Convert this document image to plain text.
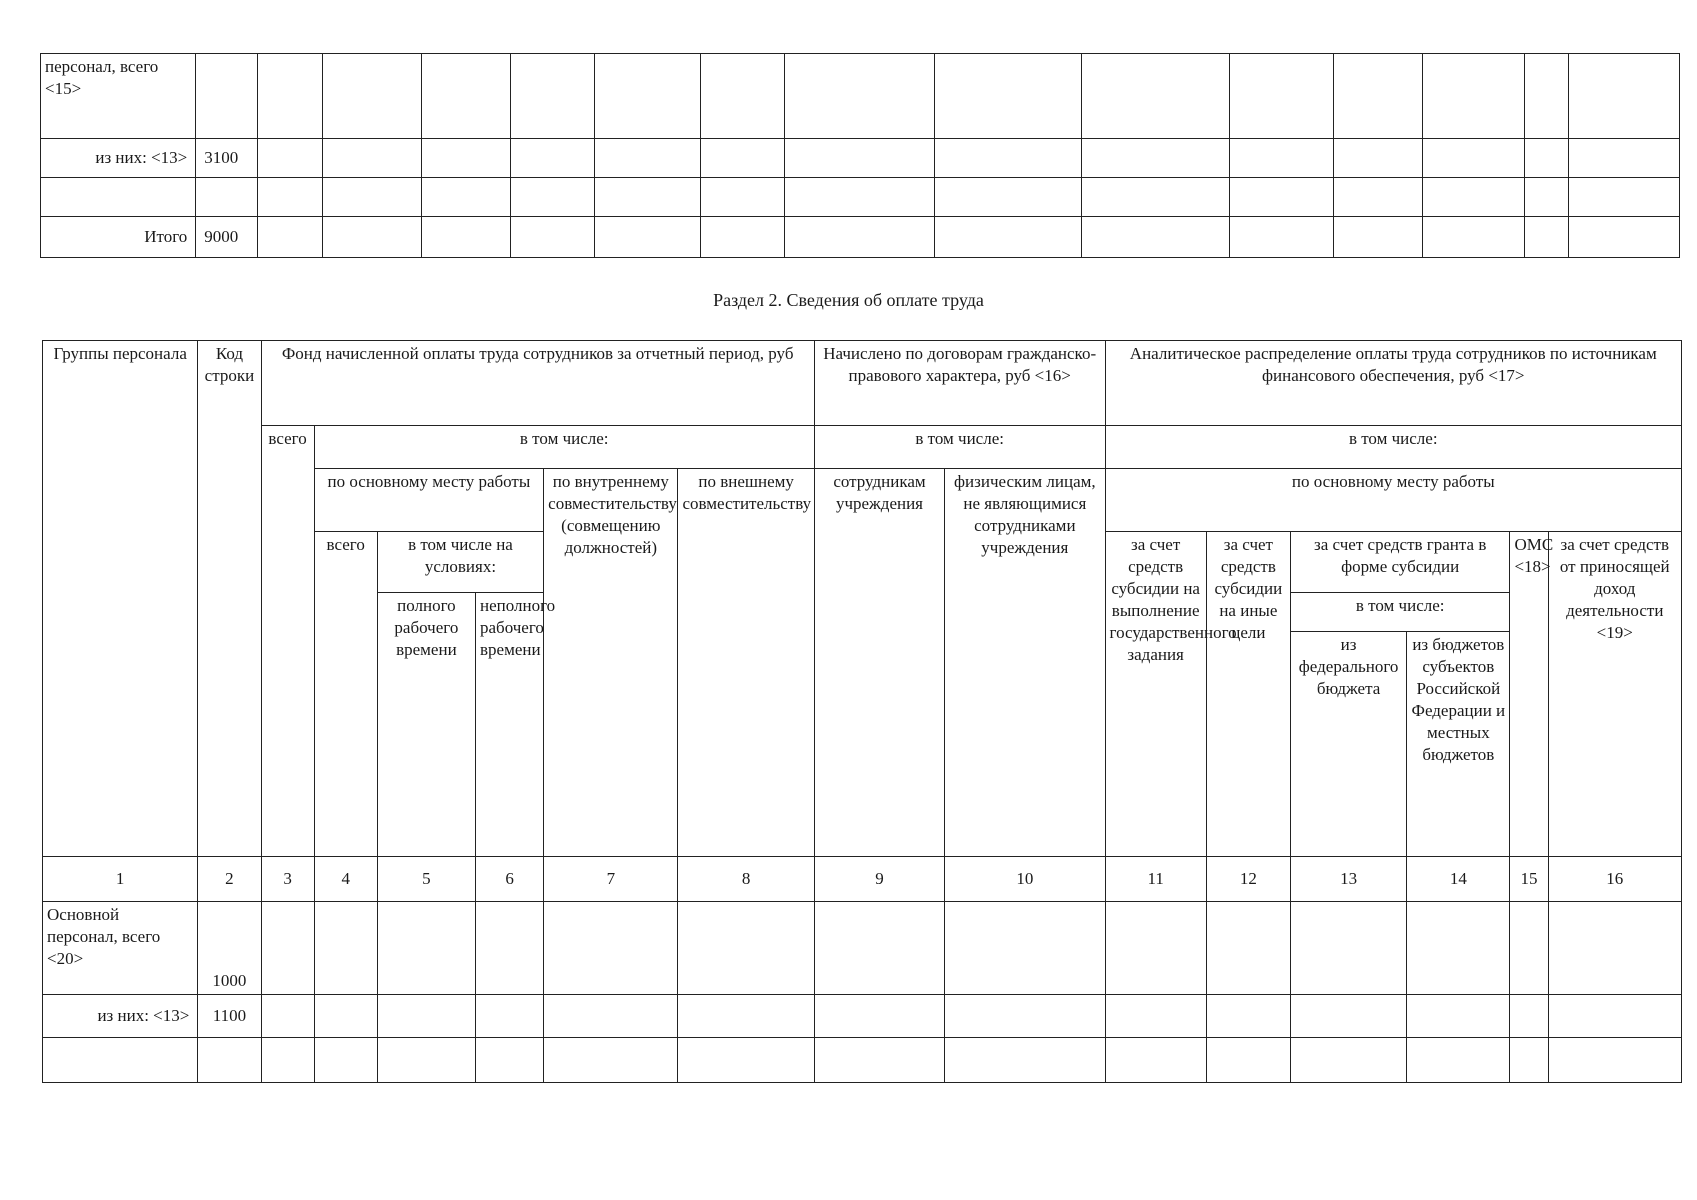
персонал, всего <15>															
из них: <13>	3100														

Итого	9000														
Раздел 2. Сведения об оплате труда
Группы персонала	Код строки	Фонд начисленной оплаты труда сотрудников за отчетный период, руб						Начислено по договорам гражданско-правового характера, руб <16>		Аналитическое распределение оплаты труда сотрудников по источникам финансового обеспечения, руб <17>					
		всего	в том числе:					в том числе:		в том числе:					
			по основному месту работы			по внутреннему совместительству (совмещению должностей)	по внешнему совместительству	сотрудникам учреждения	физическим лицам, не являющимися сотрудниками учреждения	по основному месту работы					
			всего	в том числе на условиях:						за счет средств субсидии на выполнение государственного задания	за счет средств субсидии на иные цели	за счет средств гранта в форме субсидии		ОМС <18>	за счет средств от приносящей доход деятельности <19>
				полного рабочего времени	неполного рабочего времени							в том числе:			
												из федерального бюджета	из бюджетов субъектов Российской Федерации и местных бюджетов		
1	2	3	4	5	6	7	8	9	10	11	12	13	14	15	16
Основной персонал, всего <20>	1000														
из них: <13>	1100														
